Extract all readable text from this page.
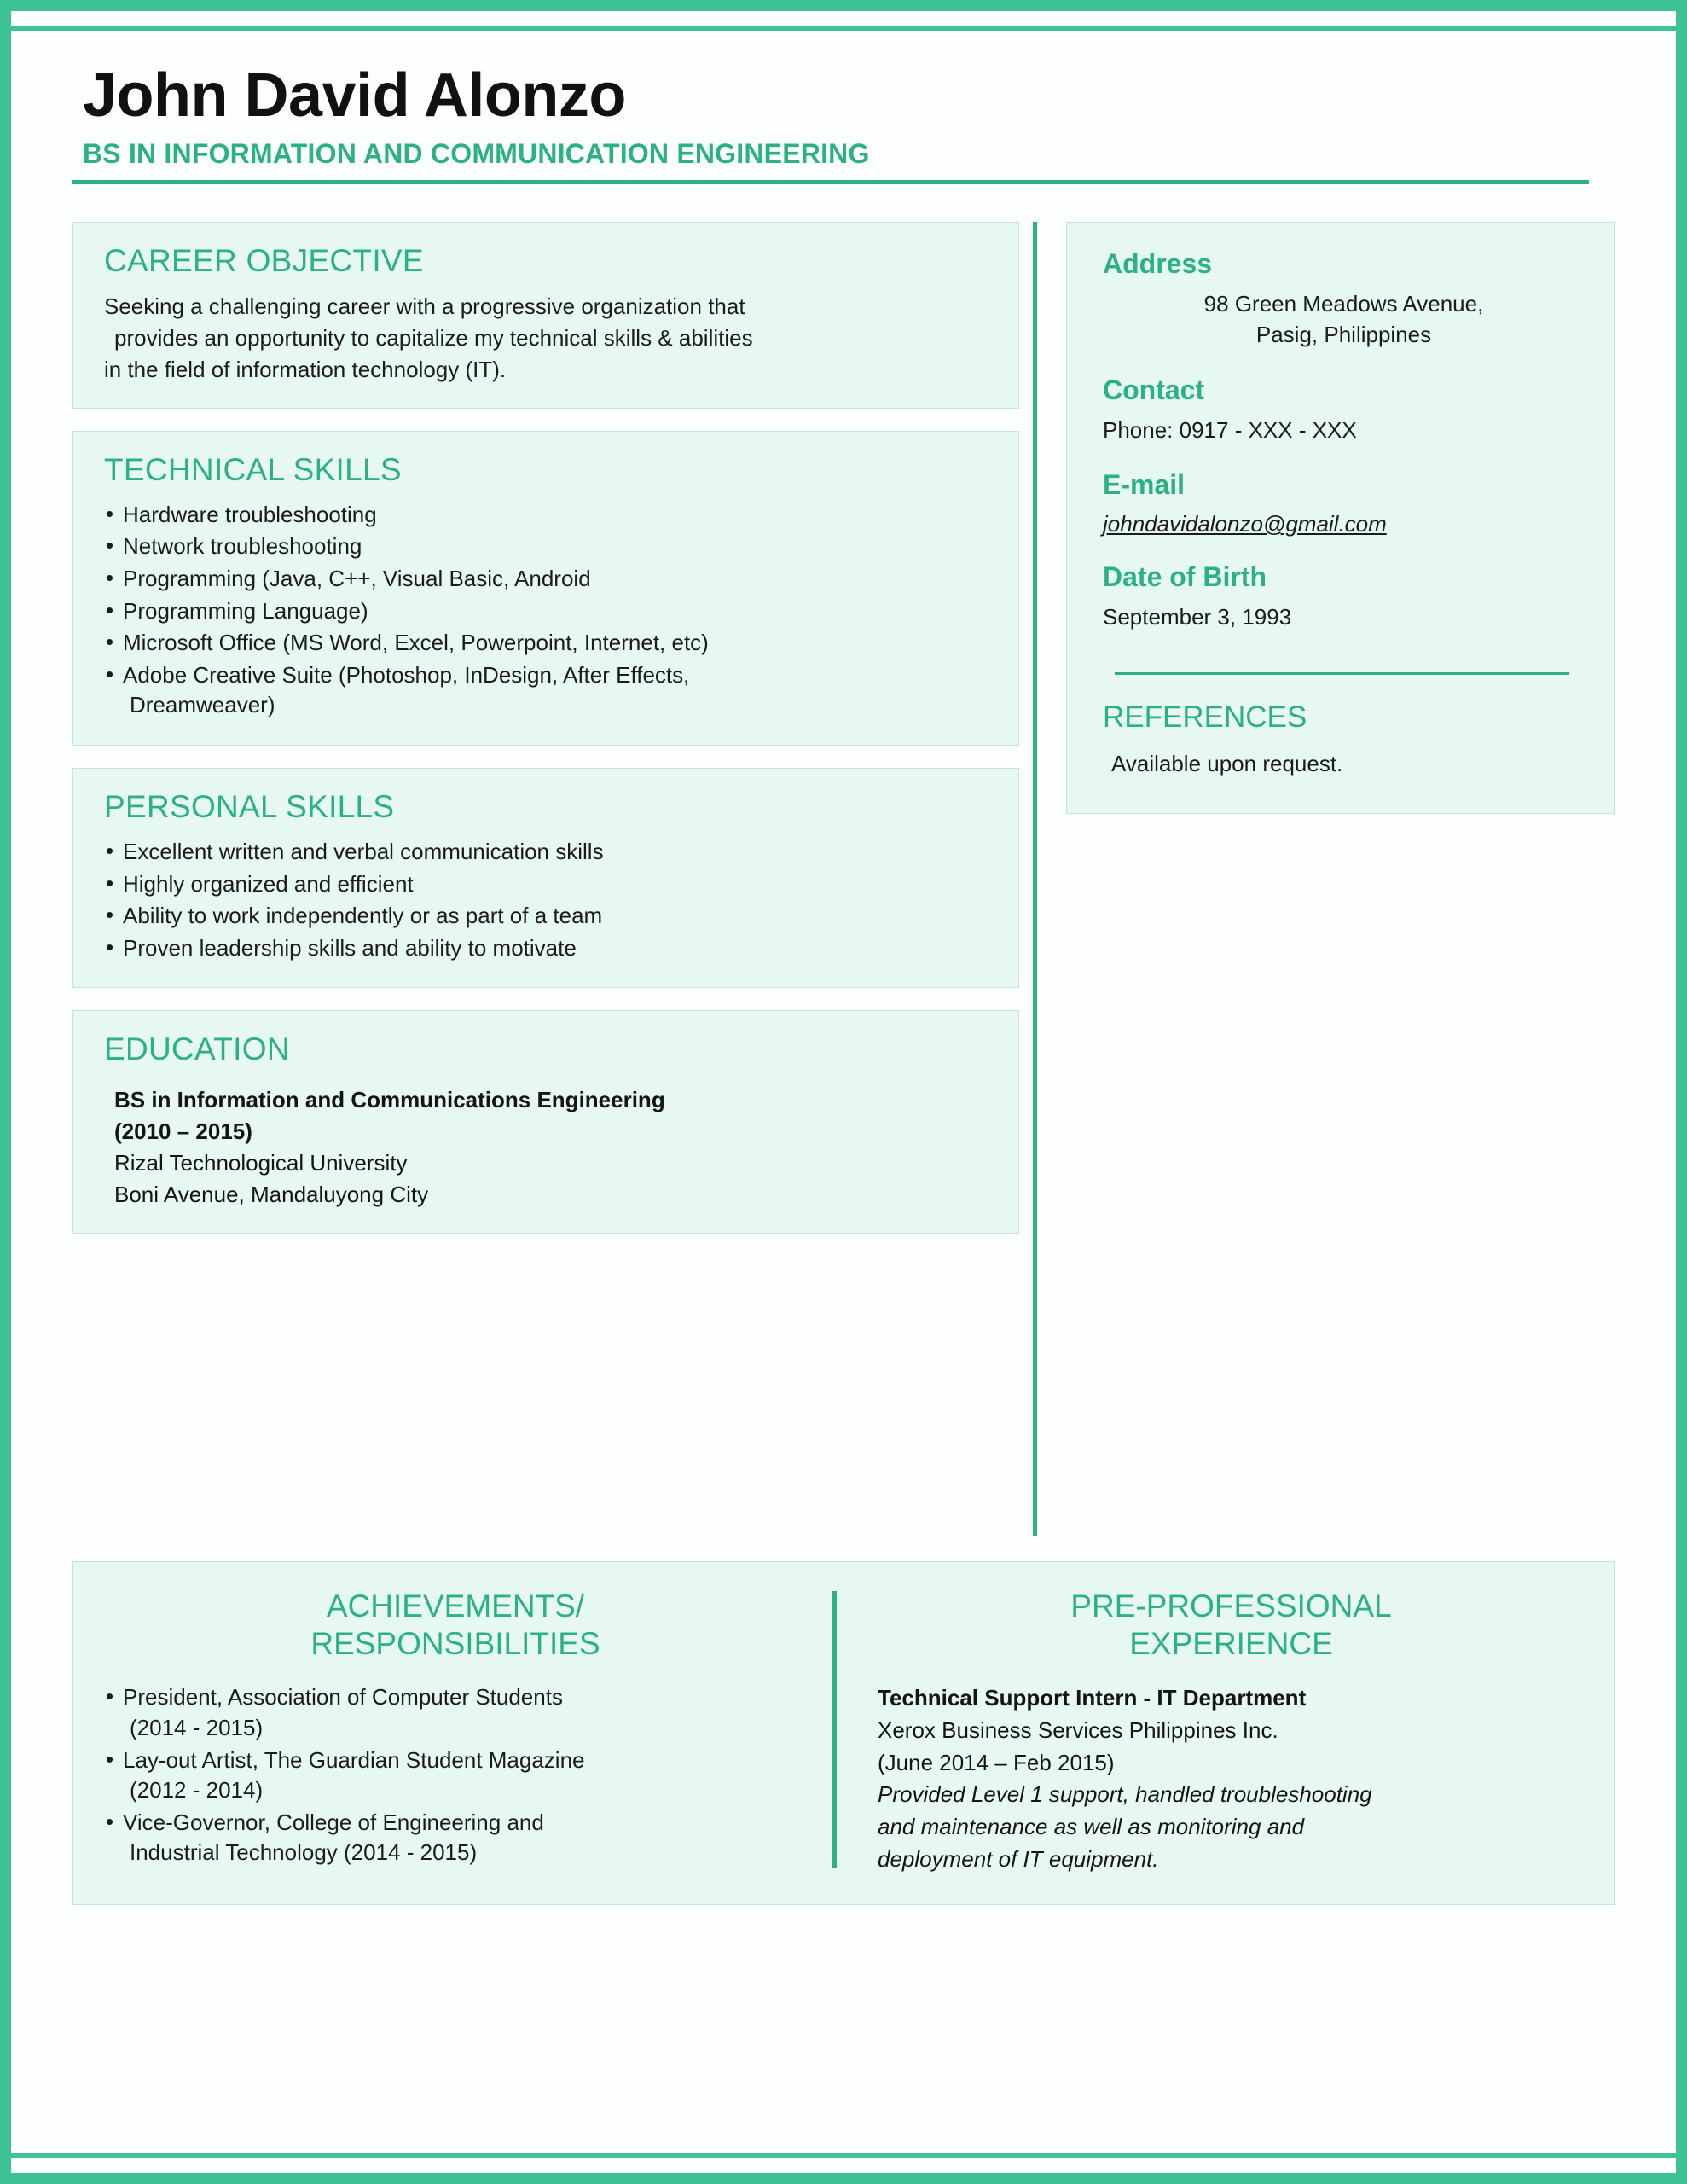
John David Alonzo
BS IN INFORMATION AND COMMUNICATION ENGINEERING
CAREER OBJECTIVE

Seeking a challenging career with a progressive organization that
provides an opportunity to capitalize my technical skills & abilities
in the field of information technology (IT).

TECHNICAL SKILLS
• Hardware troubleshooting
• Network troubleshooting
• Programming (Java, C++, Visual Basic, Android
• Programming Language)
• Microsoft Office (MS Word, Excel, Powerpoint, Internet, etc)
• Adobe Creative Suite (Photoshop, InDesign, After Effects,
Dreamweaver)
PERSONAL SKILLS
• Excellent written and verbal communication skills
• Highly organized and efficient
• Ability to work independently or as part of a team
• Proven leadership skills and ability to motivate
EDUCATION
BS in Information and Communications Engineering
(2010 – 2015)
Rizal Technological University
Boni Avenue, Mandaluyong City
Address

98 Green Meadows Avenue,
Pasig, Philippines

Contact

Phone: 0917 - XXX - XXX

E-mail
johndavidalonzo@gmail.com
Date of Birth

September 3, 1993

REFERENCES

Available upon request.

ACHIEVEMENTS/
RESPONSIBILITIES
• President, Association of Computer Students
(2014 - 2015)
• Lay-out Artist, The Guardian Student Magazine
(2012 - 2014)
• Vice-Governor, College of Engineering and
Industrial Technology (2014 - 2015)
PRE-PROFESSIONAL
EXPERIENCE
Technical Support Intern - IT Department
Xerox Business Services Philippines Inc.
(June 2014 – Feb 2015)
Provided Level 1 support, handled troubleshooting
and maintenance as well as monitoring and
deployment of IT equipment.
